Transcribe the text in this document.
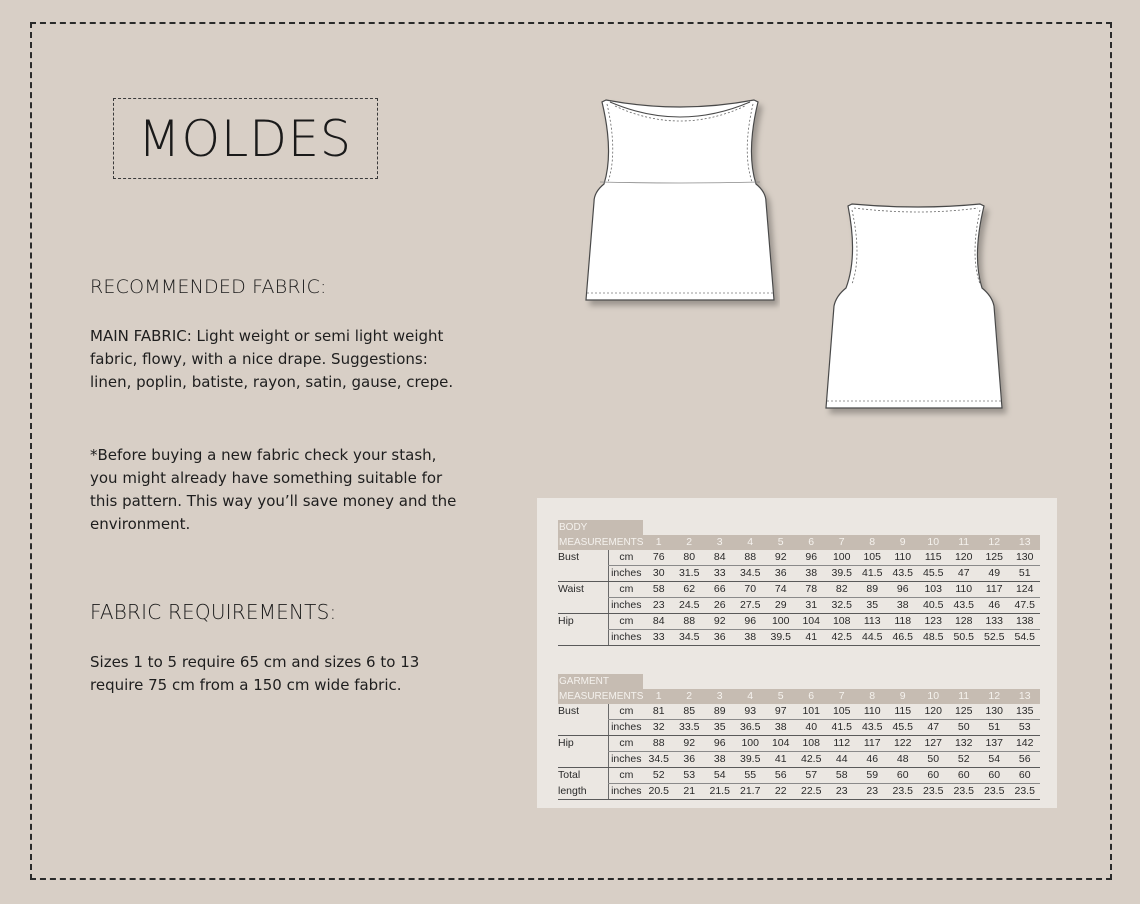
MOLDES
RECOMMENDED FABRIC:
MAIN FABRIC: Light weight or semi light weight fabric, flowy, with a nice drape. Suggestions: linen, poplin, batiste, rayon, satin, gause, crepe.
*Before buying a new fabric check your stash, you might already have something suitable for this pattern. This way you’ll save money and the environment.
FABRIC REQUIREMENTS:
Sizes 1 to 5 require 65 cm and sizes 6 to 13 require 75 cm from a 150 cm wide fabric.
BODY														
MEASUREMENTS		1	2	3	4	5	6	7	8	9	10	11	12	13
Bust	cm	76	80	84	88	92	96	100	105	110	115	120	125	130
	inches	30	31.5	33	34.5	36	38	39.5	41.5	43.5	45.5	47	49	51
Waist	cm	58	62	66	70	74	78	82	89	96	103	110	117	124
	inches	23	24.5	26	27.5	29	31	32.5	35	38	40.5	43.5	46	47.5
Hip	cm	84	88	92	96	100	104	108	113	118	123	128	133	138
	inches	33	34.5	36	38	39.5	41	42.5	44.5	46.5	48.5	50.5	52.5	54.5
GARMENT														
MEASUREMENTS		1	2	3	4	5	6	7	8	9	10	11	12	13
Bust	cm	81	85	89	93	97	101	105	110	115	120	125	130	135
	inches	32	33.5	35	36.5	38	40	41.5	43.5	45.5	47	50	51	53
Hip	cm	88	92	96	100	104	108	112	117	122	127	132	137	142
	inches	34.5	36	38	39.5	41	42.5	44	46	48	50	52	54	56
Total	cm	52	53	54	55	56	57	58	59	60	60	60	60	60
length	inches	20.5	21	21.5	21.7	22	22.5	23	23	23.5	23.5	23.5	23.5	23.5
